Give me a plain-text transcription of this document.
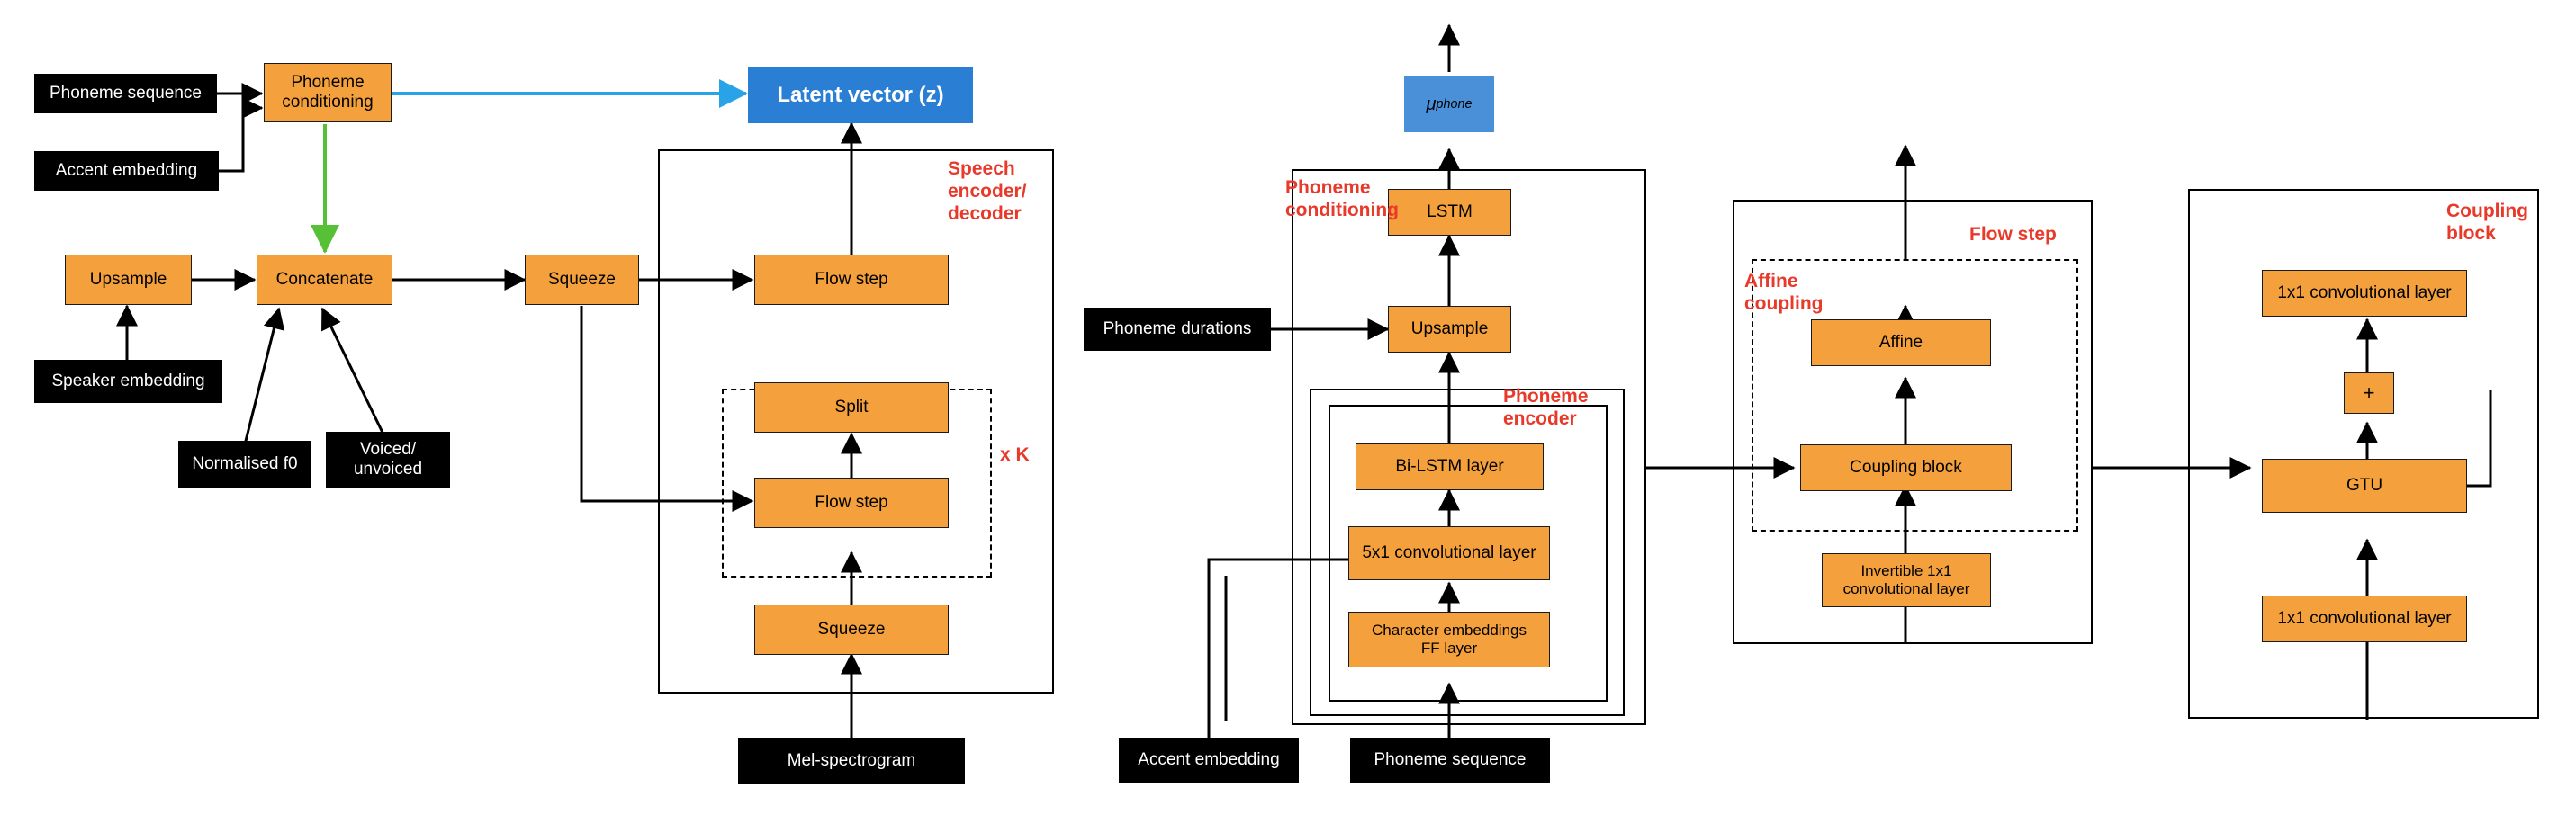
Phoneme sequence
Accent embedding
Phoneme
conditioning	Latent vector (z)
Upsample
Speaker embedding
Concatenate
Normalised f0
Voiced/
unvoiced
Squeeze	Flow step
Split
Flow step
Squeeze
Mel-spectrogram
Speech
encoder/
decoder
x K
μ phone
LSTM
Phoneme durations	Upsample
Bi-LSTM layer
5x1 convolutional layer
Character embeddings
FF layer
Accent embedding	Phoneme sequence
Phoneme
conditioning
Phoneme
encoder
Affine
Coupling block
Invertible 1x1
convolutional layer
Flow step
Affine
coupling
1x1 convolutional layer
+
GTU
1x1 convolutional layer
Coupling
block
